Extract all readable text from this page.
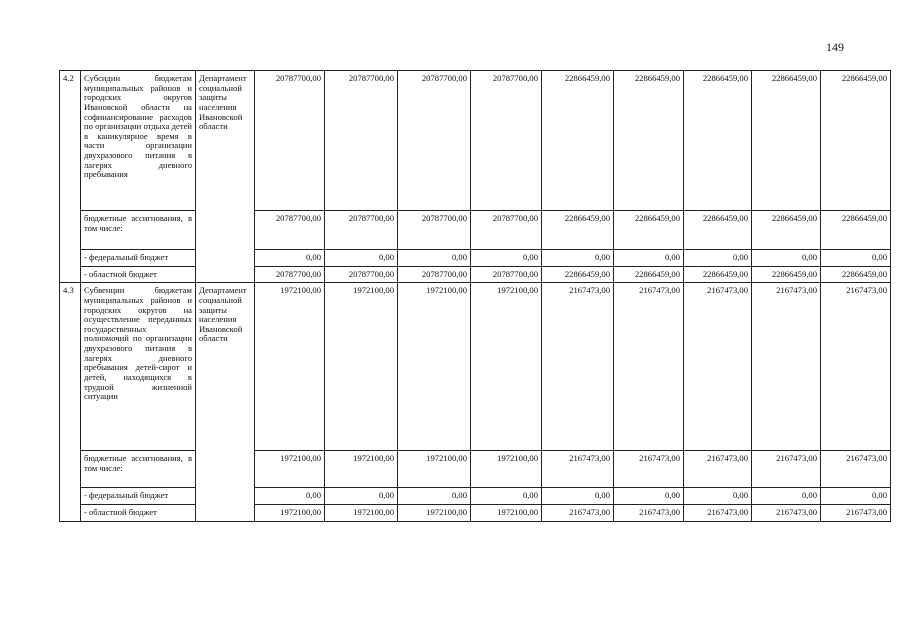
149
4.2	Субсидии бюджетам муниципальных районов и городских округов Ивановской области на софинансирование расходов по организации отдыха детей в каникулярное время в части организации двухразового питания в лагерях дневного пребывания	Департамент социальной защиты населения Ивановской области	20787700,00	20787700,00	20787700,00	20787700,00	22866459,00	22866459,00	22866459,00	22866459,00	22866459,00
	бюджетные ассигнования, в том числе:		20787700,00	20787700,00	20787700,00	20787700,00	22866459,00	22866459,00	22866459,00	22866459,00	22866459,00
	- федеральный бюджет		0,00	0,00	0,00	0,00	0,00	0,00	0,00	0,00	0,00
	- областной бюджет		20787700,00	20787700,00	20787700,00	20787700,00	22866459,00	22866459,00	22866459,00	22866459,00	22866459,00
4.3	Субвенции бюджетам муниципальных районов и городских округов на осуществление переданных государственных полномочий по организации двухразового питания в лагерях дневного пребывания детей-сирот и детей, находящихся в трудной жизненной ситуации	Департамент социальной защиты населения Ивановской области	1972100,00	1972100,00	1972100,00	1972100,00	2167473,00	2167473,00	2167473,00	2167473,00	2167473,00
	бюджетные ассигнования, в том числе:		1972100,00	1972100,00	1972100,00	1972100,00	2167473,00	2167473,00	2167473,00	2167473,00	2167473,00
	- федеральный бюджет		0,00	0,00	0,00	0,00	0,00	0,00	0,00	0,00	0,00
	- областной бюджет		1972100,00	1972100,00	1972100,00	1972100,00	2167473,00	2167473,00	2167473,00	2167473,00	2167473,00
